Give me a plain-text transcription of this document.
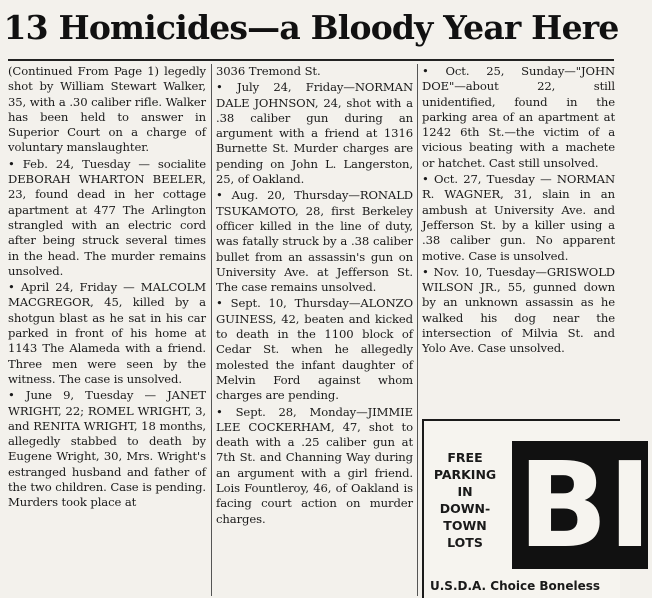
13 Homicides—a Bloody Year Here

(Continued From Page 1) legedly shot by William Stewart Walker, 35, with a .30 caliber rifle. Walker has been held to answer in Superior Court on a charge of voluntary manslaughter.

• Feb. 24, Tuesday — socialite DEBORAH WHARTON BEELER, 23, found dead in her cottage apartment at 477 The Arlington strangled with an electric cord after being struck several times in the head. The murder remains unsolved.

• April 24, Friday — MALCOLM MACGREGOR, 45, killed by a shotgun blast as he sat in his car parked in front of his home at 1143 The Alameda with a friend. Three men were seen by the witness. The case is unsolved.

• June 9, Tuesday — JANET WRIGHT, 22; ROMEL WRIGHT, 3, and RENITA WRIGHT, 18 months, allegedly stabbed to death by Eugene Wright, 30, Mrs. Wright's estranged husband and father of the two children. Case is pending. Murders took place at

3036 Tremond St.

• July 24, Friday—NORMAN DALE JOHNSON, 24, shot with a .38 caliber gun during an argument with a friend at 1316 Burnette St. Murder charges are pending on John L. Langerston, 25, of Oakland.

• Aug. 20, Thursday—RONALD TSUKAMOTO, 28, first Berkeley officer killed in the line of duty, was fatally struck by a .38 caliber bullet from an assassin's gun on University Ave. at Jefferson St. The case remains unsolved.

• Sept. 10, Thursday—ALONZO GUINESS, 42, beaten and kicked to death in the 1100 block of Cedar St. when he allegedly molested the infant daughter of Melvin Ford against whom charges are pending.

• Sept. 28, Monday—JIMMIE LEE COCKERHAM, 47, shot to death with a .25 caliber gun at 7th St. and Channing Way during an argument with a girl friend. Lois Fountleroy, 46, of Oakland is facing court action on murder charges.

• Oct. 25, Sunday—"JOHN DOE"—about 22, still unidentified, found in the parking area of an apartment at 1242 6th St.—the victim of a vicious beating with a machete or hatchet. Cast still unsolved.

• Oct. 27, Tuesday — NORMAN R. WAGNER, 31, slain in an ambush at University Ave. and Jefferson St. by a killer using a .38 caliber gun. No apparent motive. Case is unsolved.

• Nov. 10, Tuesday—GRISWOLD WILSON JR., 55, gunned down by an unknown assassin as he walked his dog near the intersection of Milvia St. and Yolo Ave. Case unsolved.

FREE
PARKING
IN
DOWN-
TOWN
LOTS BI
U.S.D.A. Choice Boneless
